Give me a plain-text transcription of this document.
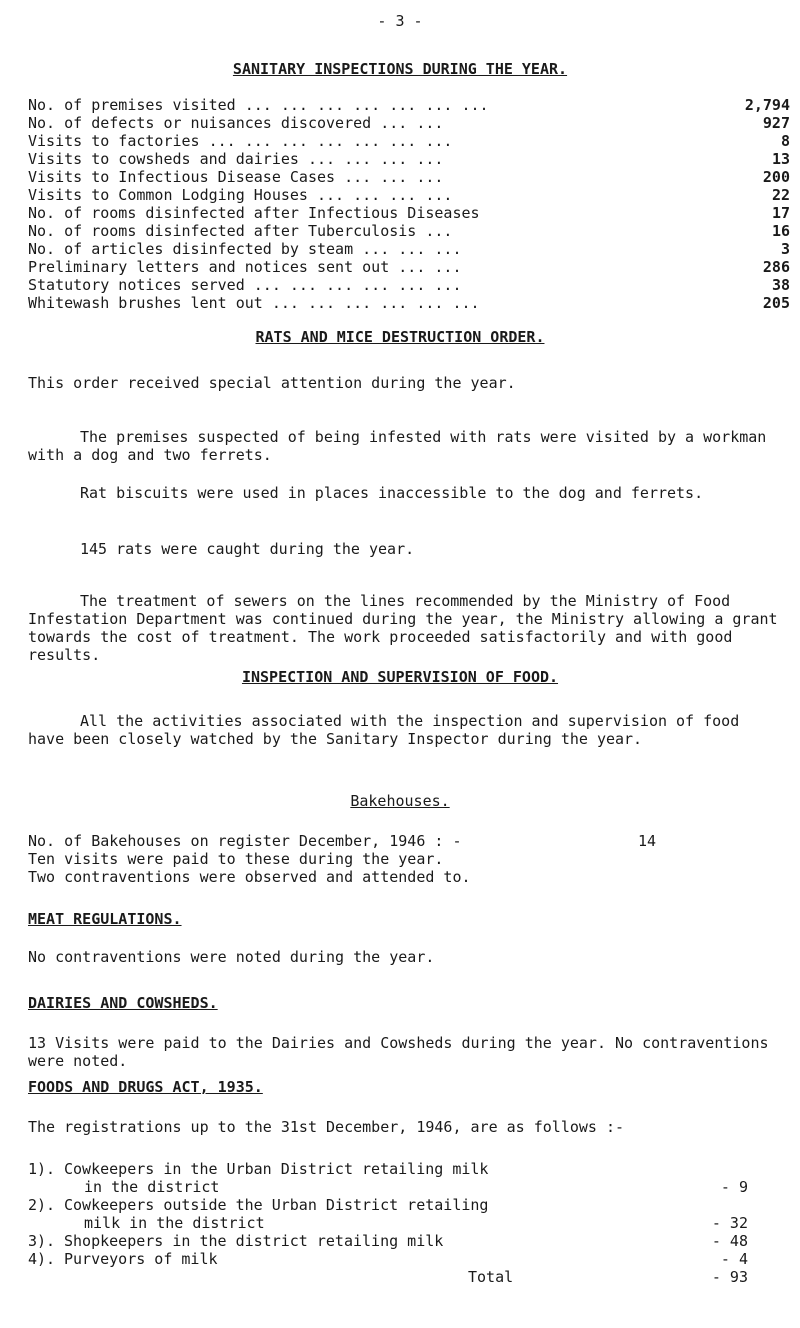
- 3 -
SANITARY INSPECTIONS DURING THE YEAR.
No. of premises visited ... ... ... ... ... ... ...	2,794
No. of defects or nuisances discovered ... ...	927
Visits to factories ... ... ... ... ... ... ...	8
Visits to cowsheds and dairies ... ... ... ...	13
Visits to Infectious Disease Cases ... ... ...	200
Visits to Common Lodging Houses ... ... ... ...	22
No. of rooms disinfected after Infectious Diseases	17
No. of rooms disinfected after Tuberculosis ...	16
No. of articles disinfected by steam ... ... ...	3
Preliminary letters and notices sent out ... ...	286
Statutory notices served ... ... ... ... ... ...	38
Whitewash brushes lent out ... ... ... ... ... ...	205
RATS AND MICE DESTRUCTION ORDER.
This order received special attention during the year.
The premises suspected of being infested with rats were visited by a workman with a dog and two ferrets.
Rat biscuits were used in places inaccessible to the dog and ferrets.
145 rats were caught during the year.
The treatment of sewers on the lines recommended by the Ministry of Food Infestation Department was continued during the year, the Ministry allowing a grant towards the cost of treatment. The work proceeded satisfactorily and with good results.
INSPECTION AND SUPERVISION OF FOOD.
All the activities associated with the inspection and supervision of food have been closely watched by the Sanitary Inspector during the year.
Bakehouses.
No. of Bakehouses on register December, 1946 : -	14
Ten visits were paid to these during the year.
Two contraventions were observed and attended to.
MEAT REGULATIONS.
No contraventions were noted during the year.
DAIRIES AND COWSHEDS.
13 Visits were paid to the Dairies and Cowsheds during the year. No contraventions were noted.
FOODS AND DRUGS ACT, 1935.
The registrations up to the 31st December, 1946, are as follows :-
1). Cowkeepers in the Urban District retailing milk
in the district	- 9
2). Cowkeepers outside the Urban District retailing
milk in the district	- 32
3). Shopkeepers in the district retailing milk	- 48
4). Purveyors of milk	- 4
Total	- 93
